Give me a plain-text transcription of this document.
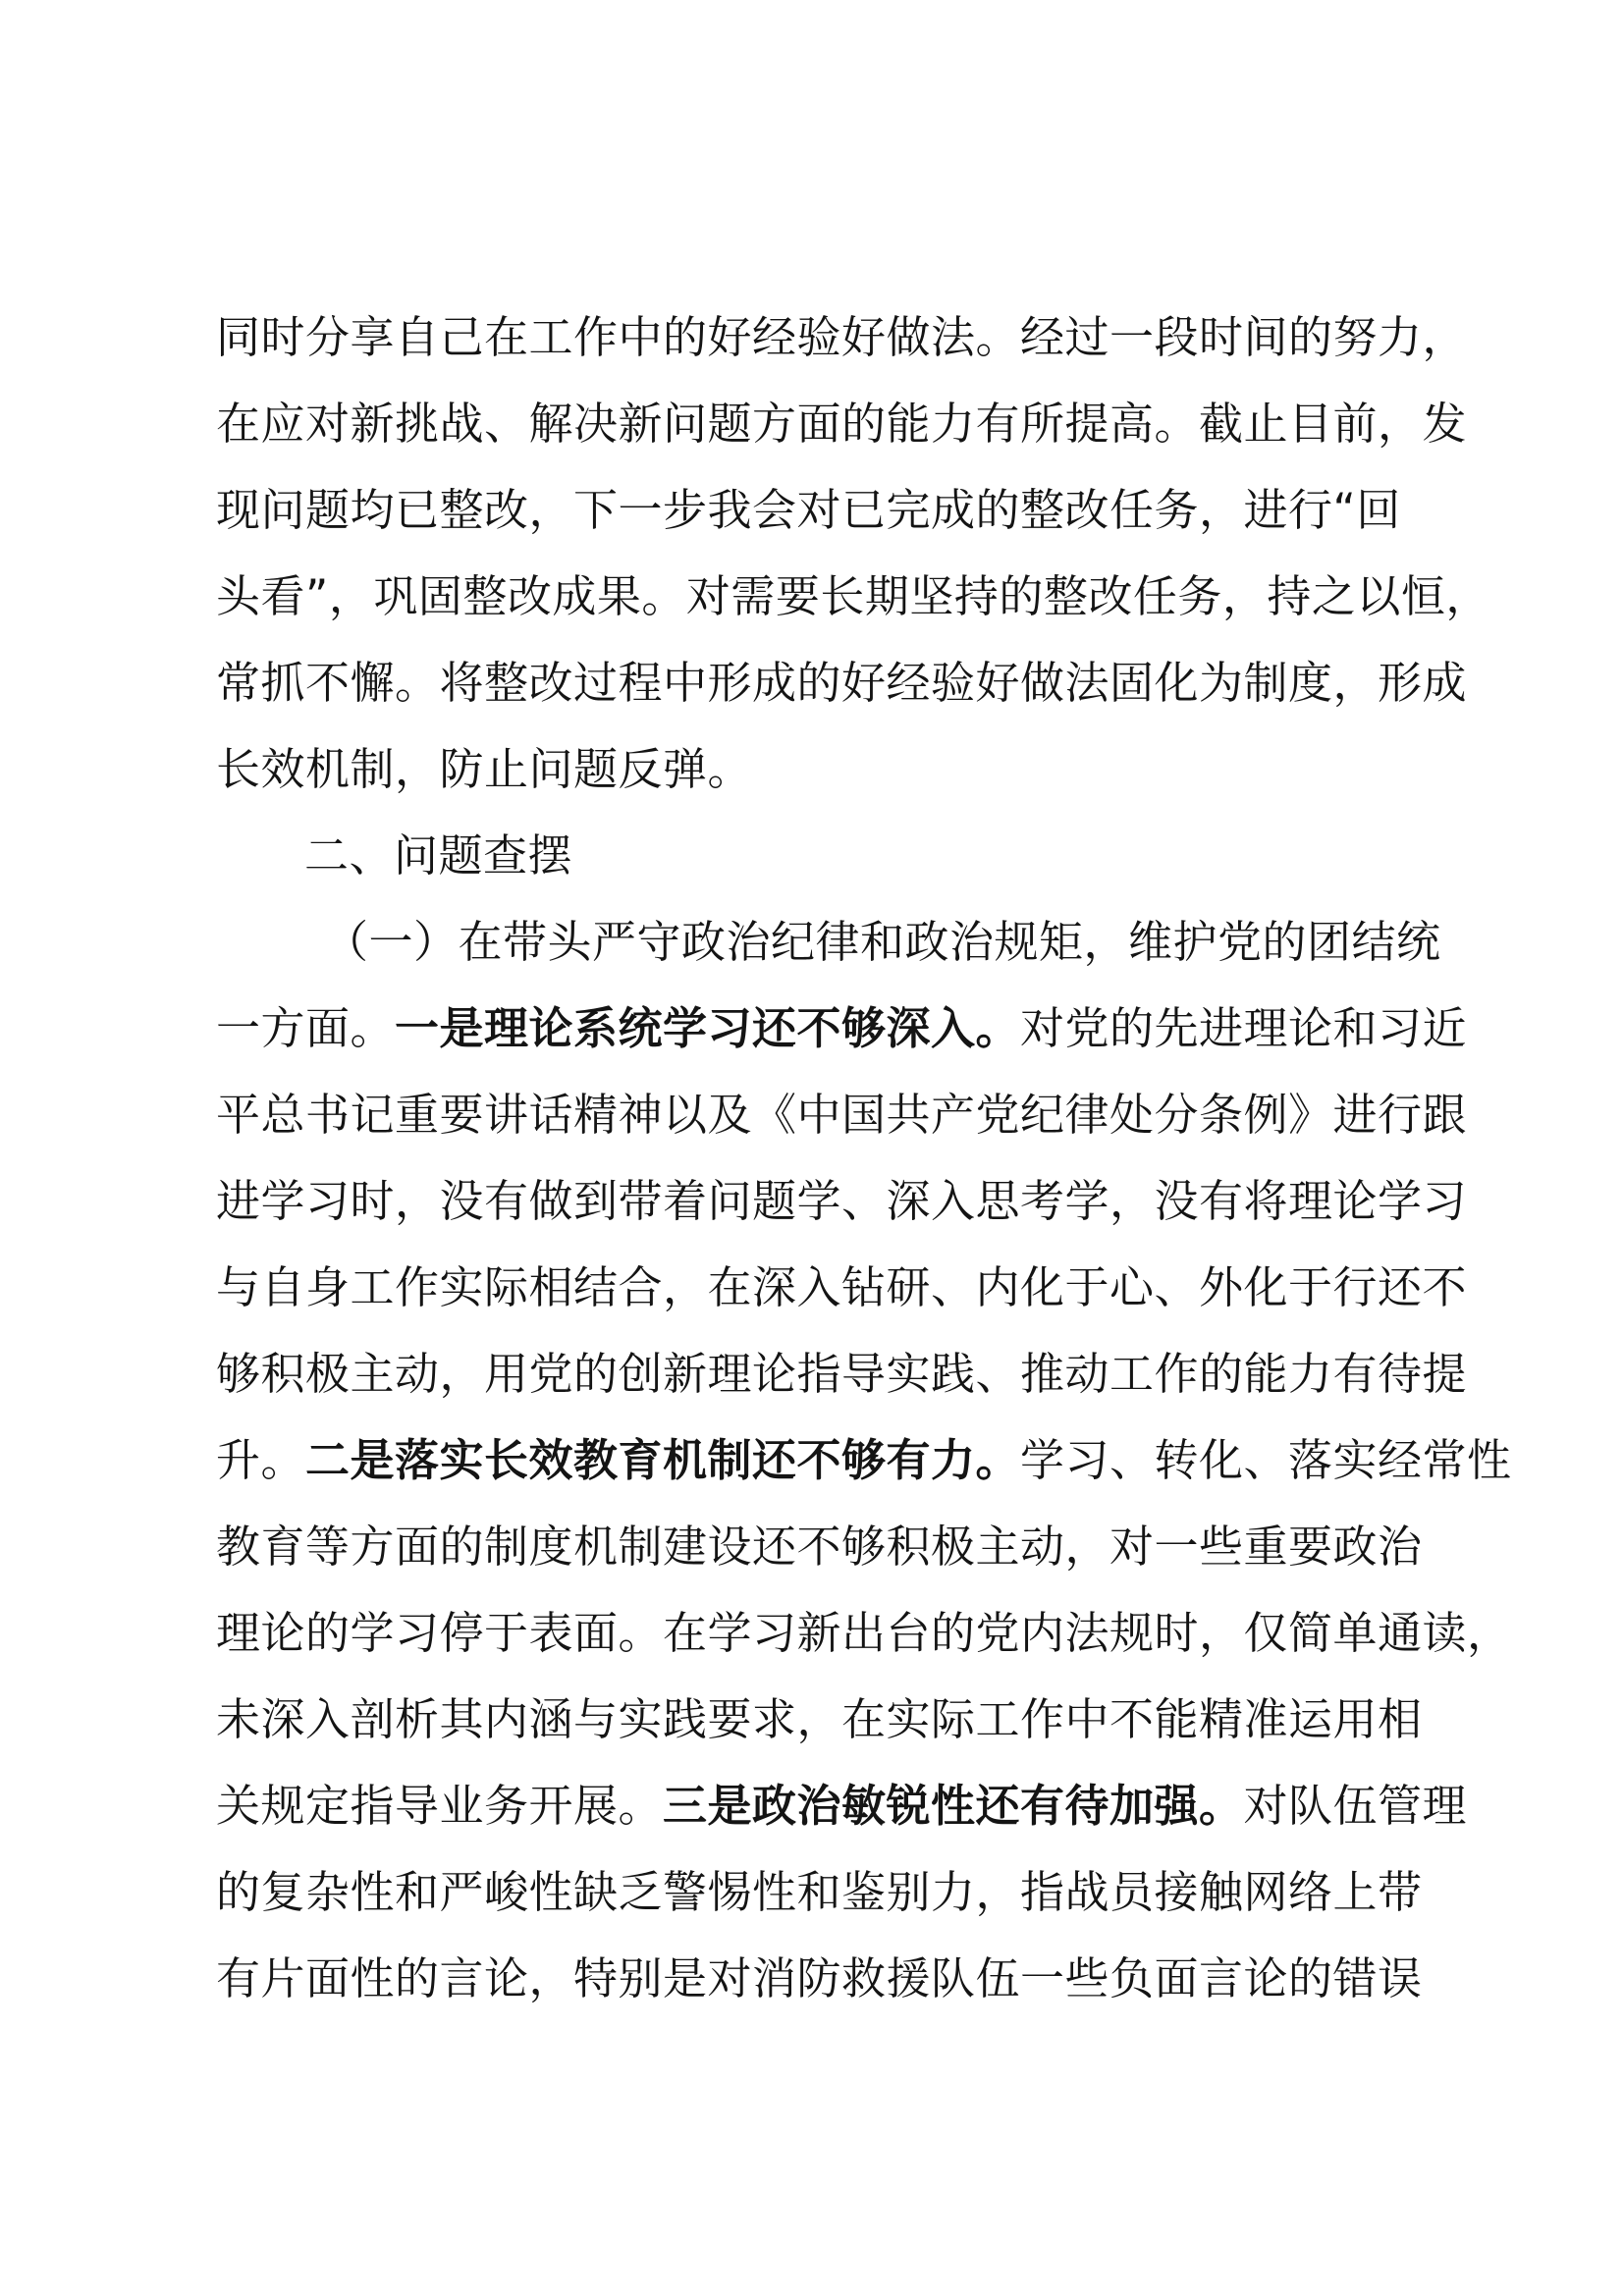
同时分享自己在工作中的好经验好做法。经过一段时间的努力，
在应对新挑战、解决新问题方面的能力有所提高。截止目前，发
现问题均已整改，下一步我会对已完成的整改任务，进行“回
头看”，巩固整改成果。对需要长期坚持的整改任务，持之以恒，
常抓不懈。将整改过程中形成的好经验好做法固化为制度，形成
长效机制，防止问题反弹。
二、问题查摆
（一）在带头严守政治纪律和政治规矩，维护党的团结统
一方面。一是理论系统学习还不够深入。对党的先进理论和习近
平总书记重要讲话精神以及《中国共产党纪律处分条例》进行跟
进学习时，没有做到带着问题学、深入思考学，没有将理论学习
与自身工作实际相结合，在深入钻研、内化于心、外化于行还不
够积极主动，用党的创新理论指导实践、推动工作的能力有待提
升。二是落实长效教育机制还不够有力。学习、转化、落实经常性
教育等方面的制度机制建设还不够积极主动，对一些重要政治
理论的学习停于表面。在学习新出台的党内法规时，仅简单通读，
未深入剖析其内涵与实践要求，在实际工作中不能精准运用相
关规定指导业务开展。三是政治敏锐性还有待加强。对队伍管理
的复杂性和严峻性缺乏警惕性和鉴别力，指战员接触网络上带
有片面性的言论，特别是对消防救援队伍一些负面言论的错误
